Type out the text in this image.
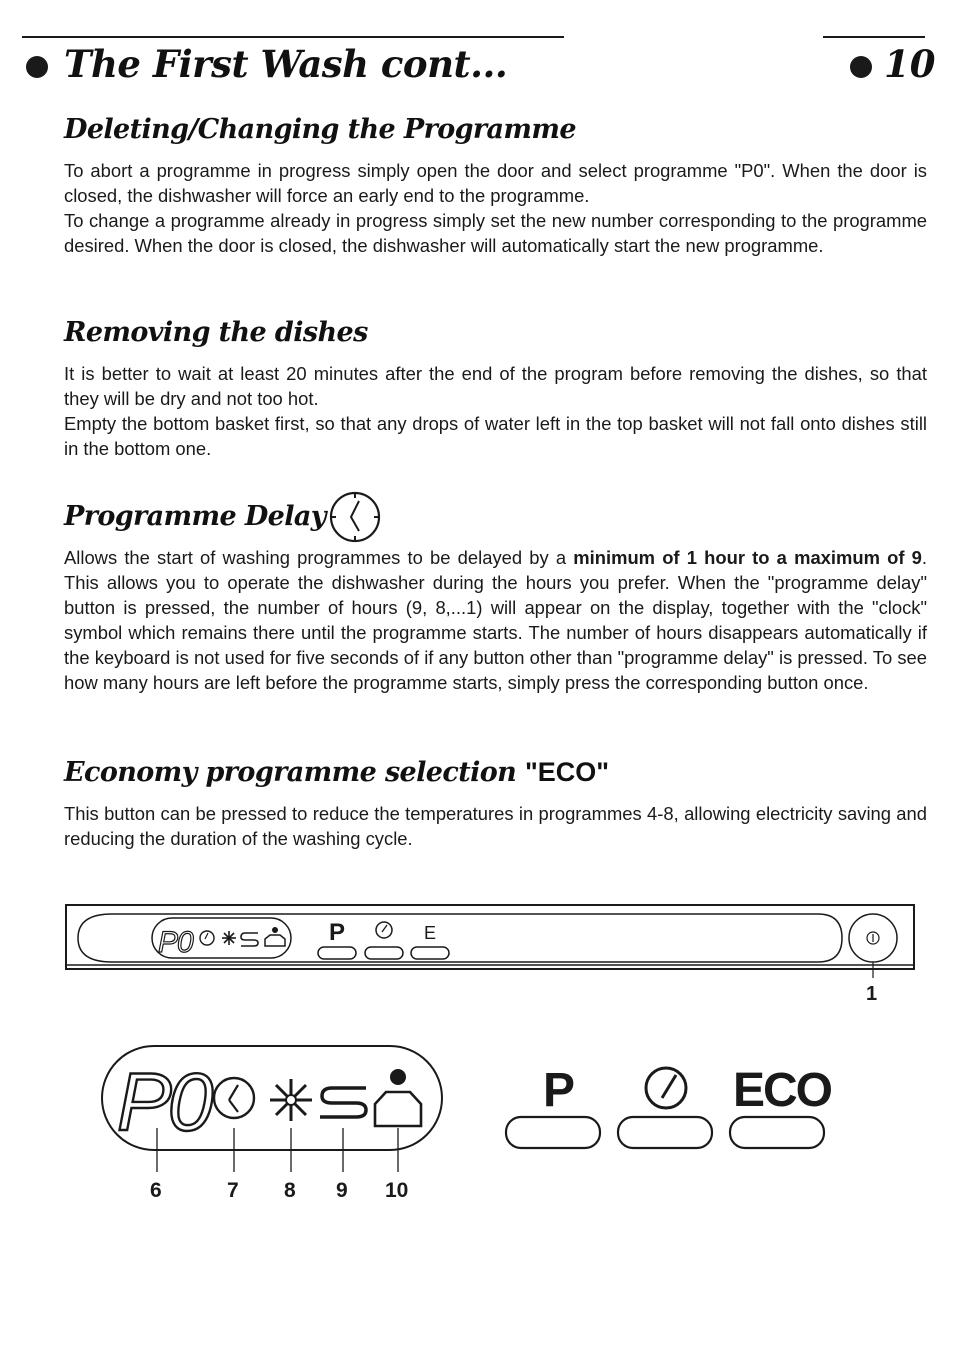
The First Wash cont...	10
Deleting/Changing the Programme

To abort a programme in progress simply open the door and select programme "P0". When the door is closed, the dishwasher will force an early end to the programme.

To change a programme already in progress simply set the new number corresponding to the programme desired. When the door is closed, the dishwasher will automatically start the new programme.

Removing the dishes

It is better to wait at least 20 minutes after the end of the program before removing the dishes, so that they will be dry and not too hot.

Empty the bottom basket first, so that any drops of water left in the top basket will not fall onto dishes still in the bottom one.

Programme Delay

Allows the start of washing programmes to be delayed by a minimum of 1 hour to a maximum of 9. This allows you to operate the dishwasher during the hours you prefer. When the "programme delay" button is pressed, the number of hours (9, 8,...1) will appear on the display, together with the "clock" symbol which remains there until the programme starts. The number of hours disappears automatically if the keyboard is not used for five seconds of if any button other than "programme delay" is pressed. To see how many hours are left before the programme starts, simply press the corresponding button once.

Economy programme selection "ECO"

This button can be pressed to reduce the temperatures in programmes 4-8, allowing electricity saving and reducing the duration of the washing cycle.

P0	P	E
1
P0
6	7 8 9 10
P	ECO
